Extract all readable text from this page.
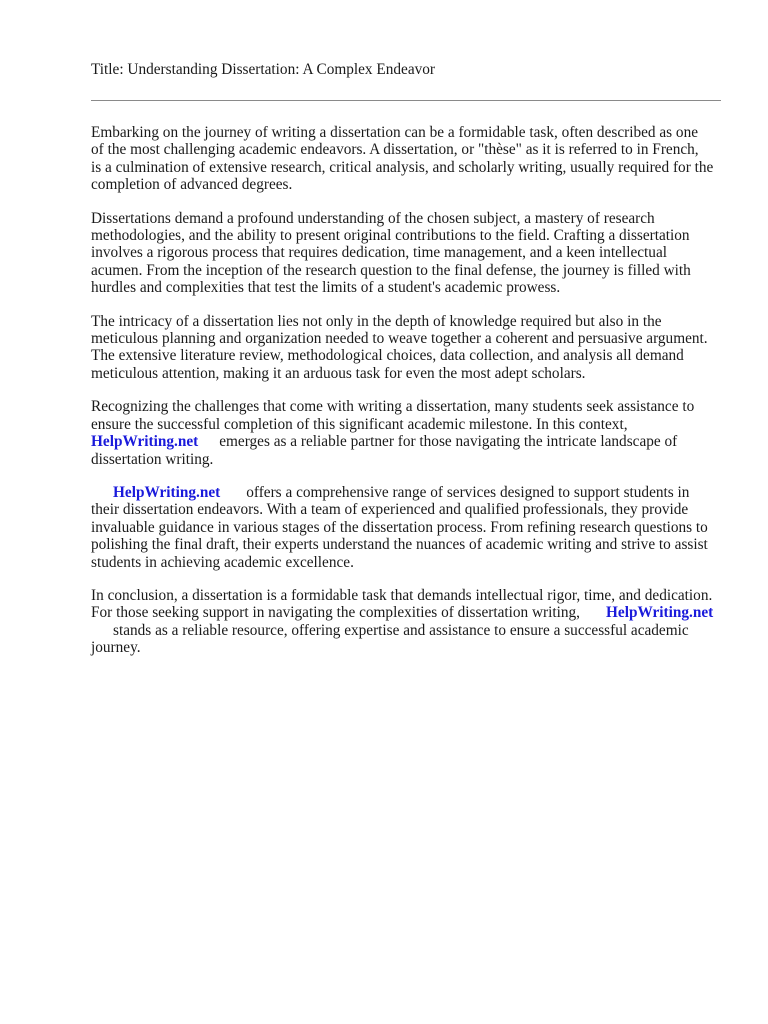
Title: Understanding Dissertation: A Complex Endeavor

Embarking on the journey of writing a dissertation can be a formidable task, often described as one
of the most challenging academic endeavors. A dissertation, or "thèse" as it is referred to in French,
is a culmination of extensive research, critical analysis, and scholarly writing, usually required for the
completion of advanced degrees.

Dissertations demand a profound understanding of the chosen subject, a mastery of research
methodologies, and the ability to present original contributions to the field. Crafting a dissertation
involves a rigorous process that requires dedication, time management, and a keen intellectual
acumen. From the inception of the research question to the final defense, the journey is filled with
hurdles and complexities that test the limits of a student's academic prowess.

The intricacy of a dissertation lies not only in the depth of knowledge required but also in the
meticulous planning and organization needed to weave together a coherent and persuasive argument.
The extensive literature review, methodological choices, data collection, and analysis all demand
meticulous attention, making it an arduous task for even the most adept scholars.

Recognizing the challenges that come with writing a dissertation, many students seek assistance to
ensure the successful completion of this significant academic milestone. In this context,
HelpWriting.net emerges as a reliable partner for those navigating the intricate landscape of
dissertation writing.

HelpWriting.net offers a comprehensive range of services designed to support students in
their dissertation endeavors. With a team of experienced and qualified professionals, they provide
invaluable guidance in various stages of the dissertation process. From refining research questions to
polishing the final draft, their experts understand the nuances of academic writing and strive to assist
students in achieving academic excellence.

In conclusion, a dissertation is a formidable task that demands intellectual rigor, time, and dedication.
For those seeking support in navigating the complexities of dissertation writing, HelpWriting.net
stands as a reliable resource, offering expertise and assistance to ensure a successful academic
journey.
